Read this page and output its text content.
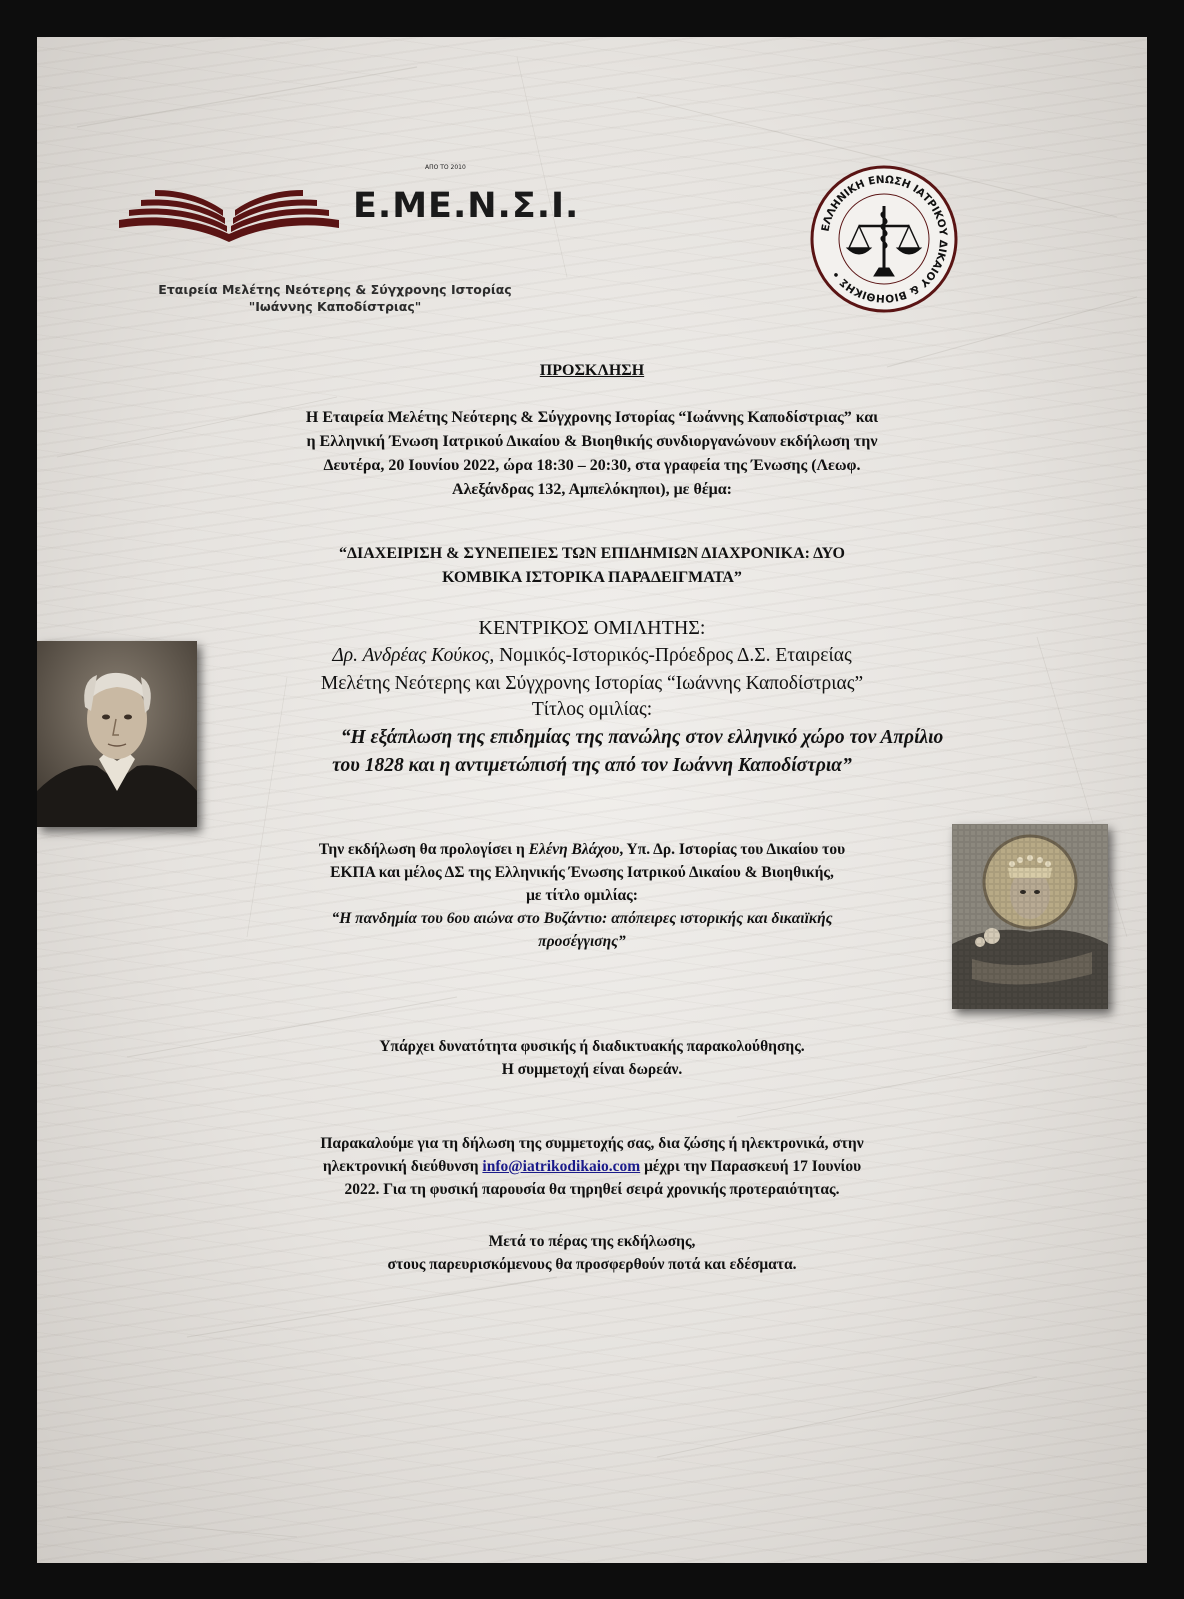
ΑΠΟ ΤΟ 2010
Ε.ΜΕ.Ν.Σ.Ι.
Εταιρεία Μελέτης Νεότερης & Σύγχρονης Ιστορίας
"Ιωάννης Καποδίστριας"
ΕΛΛΗΝΙΚΗ ΕΝΩΣΗ ΙΑΤΡΙΚΟΥ ΔΙΚΑΙΟΥ & ΒΙΟΗΘΙΚΗΣ •
ΠΡΟΣΚΛΗΣΗ
Η Εταιρεία Μελέτης Νεότερης & Σύγχρονης Ιστορίας “Ιωάννης Καποδίστριας” και
η Ελληνική Ένωση Ιατρικού Δικαίου & Βιοηθικής συνδιοργανώνουν εκδήλωση την
Δευτέρα, 20 Ιουνίου 2022, ώρα 18:30 – 20:30, στα γραφεία της Ένωσης (Λεωφ.
Αλεξάνδρας 132, Αμπελόκηποι), με θέμα:
“ΔΙΑΧΕΙΡΙΣΗ & ΣΥΝΕΠΕΙΕΣ ΤΩΝ ΕΠΙΔΗΜΙΩΝ ΔΙΑΧΡΟΝΙΚΑ: ΔΥΟ
ΚΟΜΒΙΚΑ ΙΣΤΟΡΙΚΑ ΠΑΡΑΔΕΙΓΜΑΤΑ”
ΚΕΝΤΡΙΚΟΣ ΟΜΙΛΗΤΗΣ:
Δρ. Ανδρέας Κούκος, Νομικός-Ιστορικός-Πρόεδρος Δ.Σ. Εταιρείας
Μελέτης Νεότερης και Σύγχρονης Ιστορίας “Ιωάννης Καποδίστριας”
Τίτλος ομιλίας:
“Η εξάπλωση της επιδημίας της πανώλης στον ελληνικό χώρο τον Απρίλιο
του 1828 και η αντιμετώπισή της από τον Ιωάννη Καποδίστρια”
Την εκδήλωση θα προλογίσει η Ελένη Βλάχου, Υπ. Δρ. Ιστορίας του Δικαίου του
ΕΚΠΑ και μέλος ΔΣ της Ελληνικής Ένωσης Ιατρικού Δικαίου & Βιοηθικής,
με τίτλο ομιλίας:
“Η πανδημία του 6ου αιώνα στο Βυζάντιο: απόπειρες ιστορικής και δικαιϊκής
προσέγγισης”
Υπάρχει δυνατότητα φυσικής ή διαδικτυακής παρακολούθησης.
Η συμμετοχή είναι δωρεάν.
Παρακαλούμε για τη δήλωση της συμμετοχής σας, δια ζώσης ή ηλεκτρονικά, στην
ηλεκτρονική διεύθυνση info@iatrikodikaio.com μέχρι την Παρασκευή 17 Ιουνίου
2022. Για τη φυσική παρουσία θα τηρηθεί σειρά χρονικής προτεραιότητας.
Μετά το πέρας της εκδήλωσης,
στους παρευρισκόμενους θα προσφερθούν ποτά και εδέσματα.
